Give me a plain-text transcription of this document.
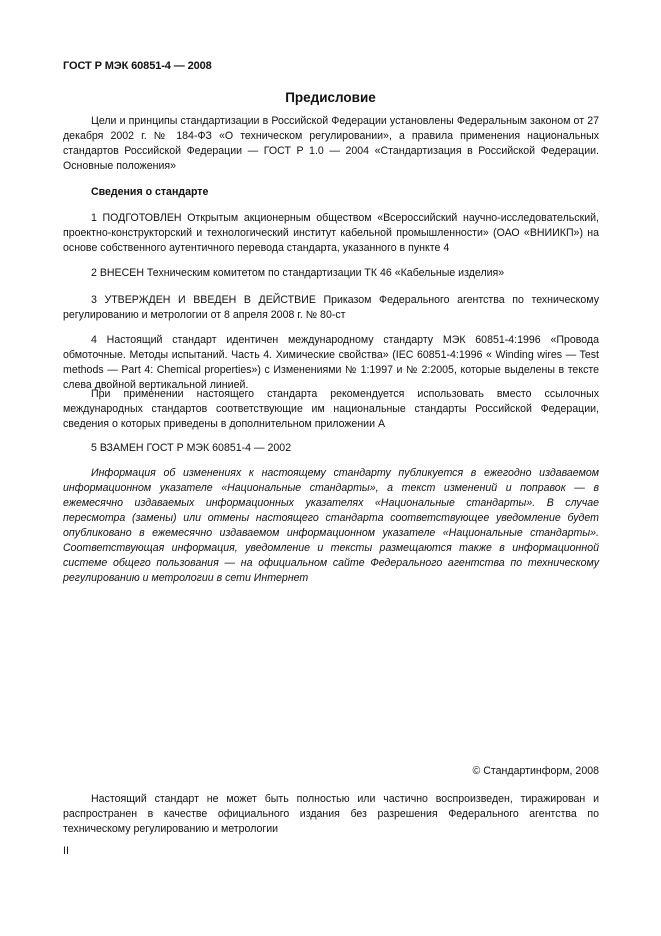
ГОСТ Р МЭК 60851-4 — 2008
Предисловие

Цели и принципы стандартизации в Российской Федерации установлены Федеральным законом от 27 декабря 2002 г. № 184-ФЗ «О техническом регулировании», а правила применения национальных стандартов Российской Федерации — ГОСТ Р 1.0 — 2004 «Стандартизация в Российской Федерации. Основные положения»

Сведения о стандарте

1 ПОДГОТОВЛЕН Открытым акционерным обществом «Всероссийский научно-исследовательский, проектно-конструкторский и технологический институт кабельной промышленности» (ОАО «ВНИИКП») на основе собственного аутентичного перевода стандарта, указанного в пункте 4

2 ВНЕСЕН Техническим комитетом по стандартизации ТК 46 «Кабельные изделия»

3 УТВЕРЖДЕН И ВВЕДЕН В ДЕЙСТВИЕ Приказом Федерального агентства по техническому регулированию и метрологии от 8 апреля 2008 г. № 80-ст

4 Настоящий стандарт идентичен международному стандарту МЭК 60851-4:1996 «Провода обмоточные. Методы испытаний. Часть 4. Химические свойства» (IEC 60851-4:1996 « Winding wires — Test methods — Part 4: Chemical properties») с Изменениями № 1:1997 и № 2:2005, которые выделены в тексте слева двойной вертикальной линией.

При применении настоящего стандарта рекомендуется использовать вместо ссылочных международных стандартов соответствующие им национальные стандарты Российской Федерации, сведения о которых приведены в дополнительном приложении А

5 ВЗАМЕН ГОСТ Р МЭК 60851-4 — 2002

Информация об изменениях к настоящему стандарту публикуется в ежегодно издаваемом информационном указателе «Национальные стандарты», а текст изменений и поправок — в ежемесячно издаваемых информационных указателях «Национальные стандарты». В случае пересмотра (замены) или отмены настоящего стандарта соответствующее уведомление будет опубликовано в ежемесячно издаваемом информационном указателе «Национальные стандарты». Соответствующая информация, уведомление и тексты размещаются также в информационной системе общего пользования — на официальном сайте Федерального агентства по техническому регулированию и метрологии в сети Интернет

© Стандартинформ, 2008

Настоящий стандарт не может быть полностью или частично воспроизведен, тиражирован и распространен в качестве официального издания без разрешения Федерального агентства по техническому регулированию и метрологии

II
